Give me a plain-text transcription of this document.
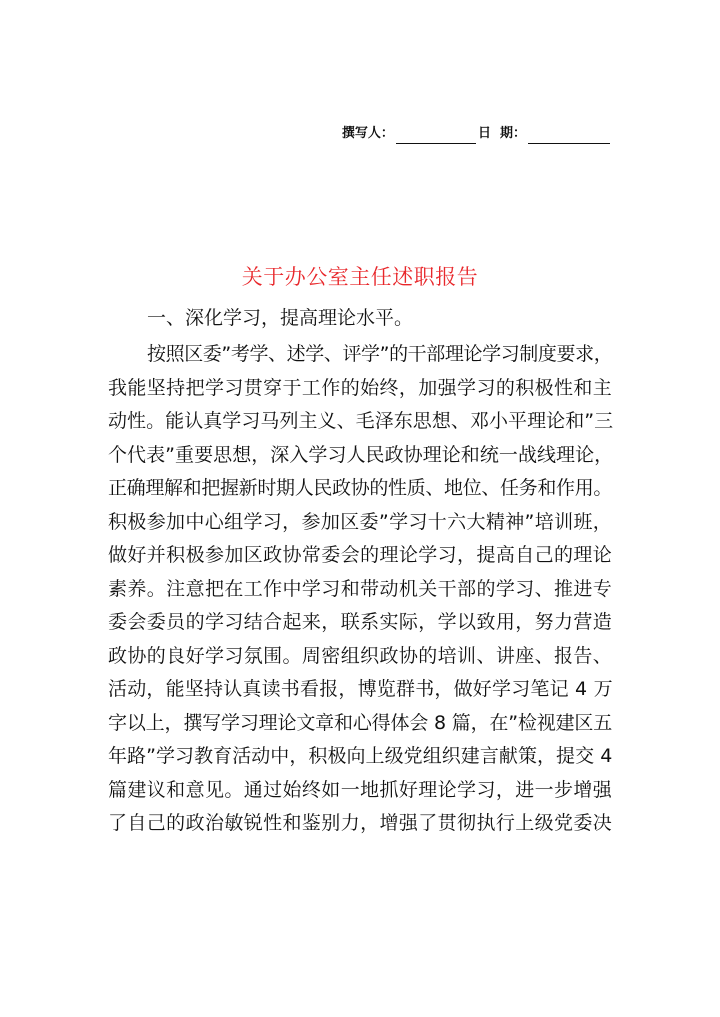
撰写人：	日  期：
关于办公室主任述职报告
一、深化学习，提高理论水平。
按照区委”考学、述学、评学”的干部理论学习制度要求，
我能坚持把学习贯穿于工作的始终，加强学习的积极性和主
动性。能认真学习马列主义、毛泽东思想、邓小平理论和”三
个代表”重要思想，深入学习人民政协理论和统一战线理论，
正确理解和把握新时期人民政协的性质、地位、任务和作用。
积极参加中心组学习，参加区委”学习十六大精神”培训班，
做好并积极参加区政协常委会的理论学习，提高自己的理论
素养。注意把在工作中学习和带动机关干部的学习、推进专
委会委员的学习结合起来，联系实际，学以致用，努力营造
政协的良好学习氛围。周密组织政协的培训、讲座、报告、
活动，能坚持认真读书看报，博览群书，做好学习笔记 4 万
字以上，撰写学习理论文章和心得体会 8 篇，在”检视建区五
年路”学习教育活动中，积极向上级党组织建言献策，提交 4
篇建议和意见。通过始终如一地抓好理论学习，进一步增强
了自己的政治敏锐性和鉴别力，增强了贯彻执行上级党委决
